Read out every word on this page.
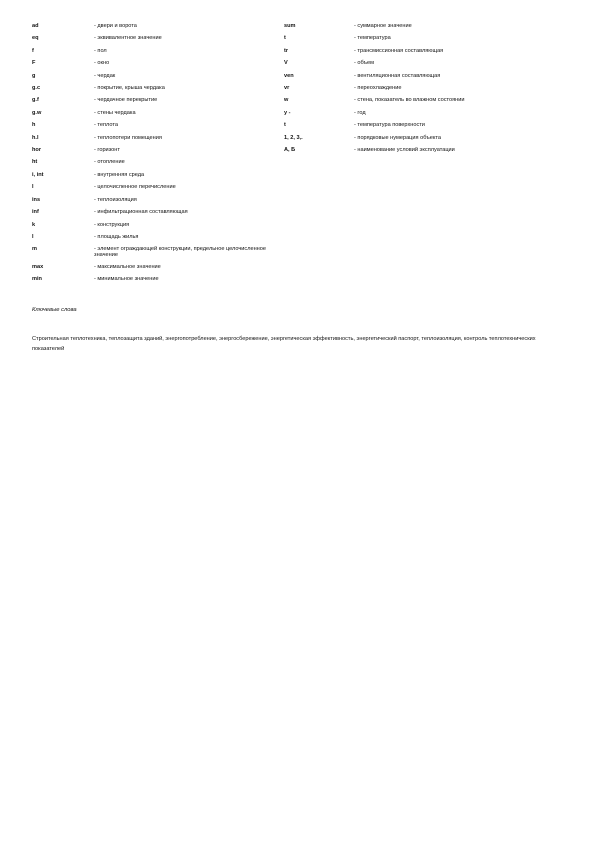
ad	- двери и ворота
eq	- эквивалентное значение
f	- пол
F	- окно
g	- чердак
g.c	- покрытие, крыша чердака
g.f	- чердачное перекрытие
g.w	- стены чердака
h	- теплота
h.l	- теплопотери помещения
hor	- горизонт
ht	- отопление
i, int	- внутренняя среда
l	- целочисленное перечисление
ins	- теплоизоляция
inf	- инфильтрационная составляющая
k	- конструкция
l	- площадь жилья
m	- элемент ограждающей конструкции, предельное целочисленное значение
max	- максимальное значение
min	- минимальное значение
sum	- суммарное значение
t	- температура
tr	- трансмиссионная составляющая
V	- объем
ven	- вентиляционная составляющая
vr	- переохлаждение
w	- стена, показатель во влажном состоянии
y -	- год
t	- температура поверхности
1, 2, 3,.	- порядковые нумерация объекта
A, Б	- наименование условий эксплуатации
Ключевые слова
Строительная теплотехника, теплозащита зданий, энергопотребление, энергосбережение, энергетическая эффективность, энергетический паспорт, теплоизоляция, контроль теплотехнических показателей
